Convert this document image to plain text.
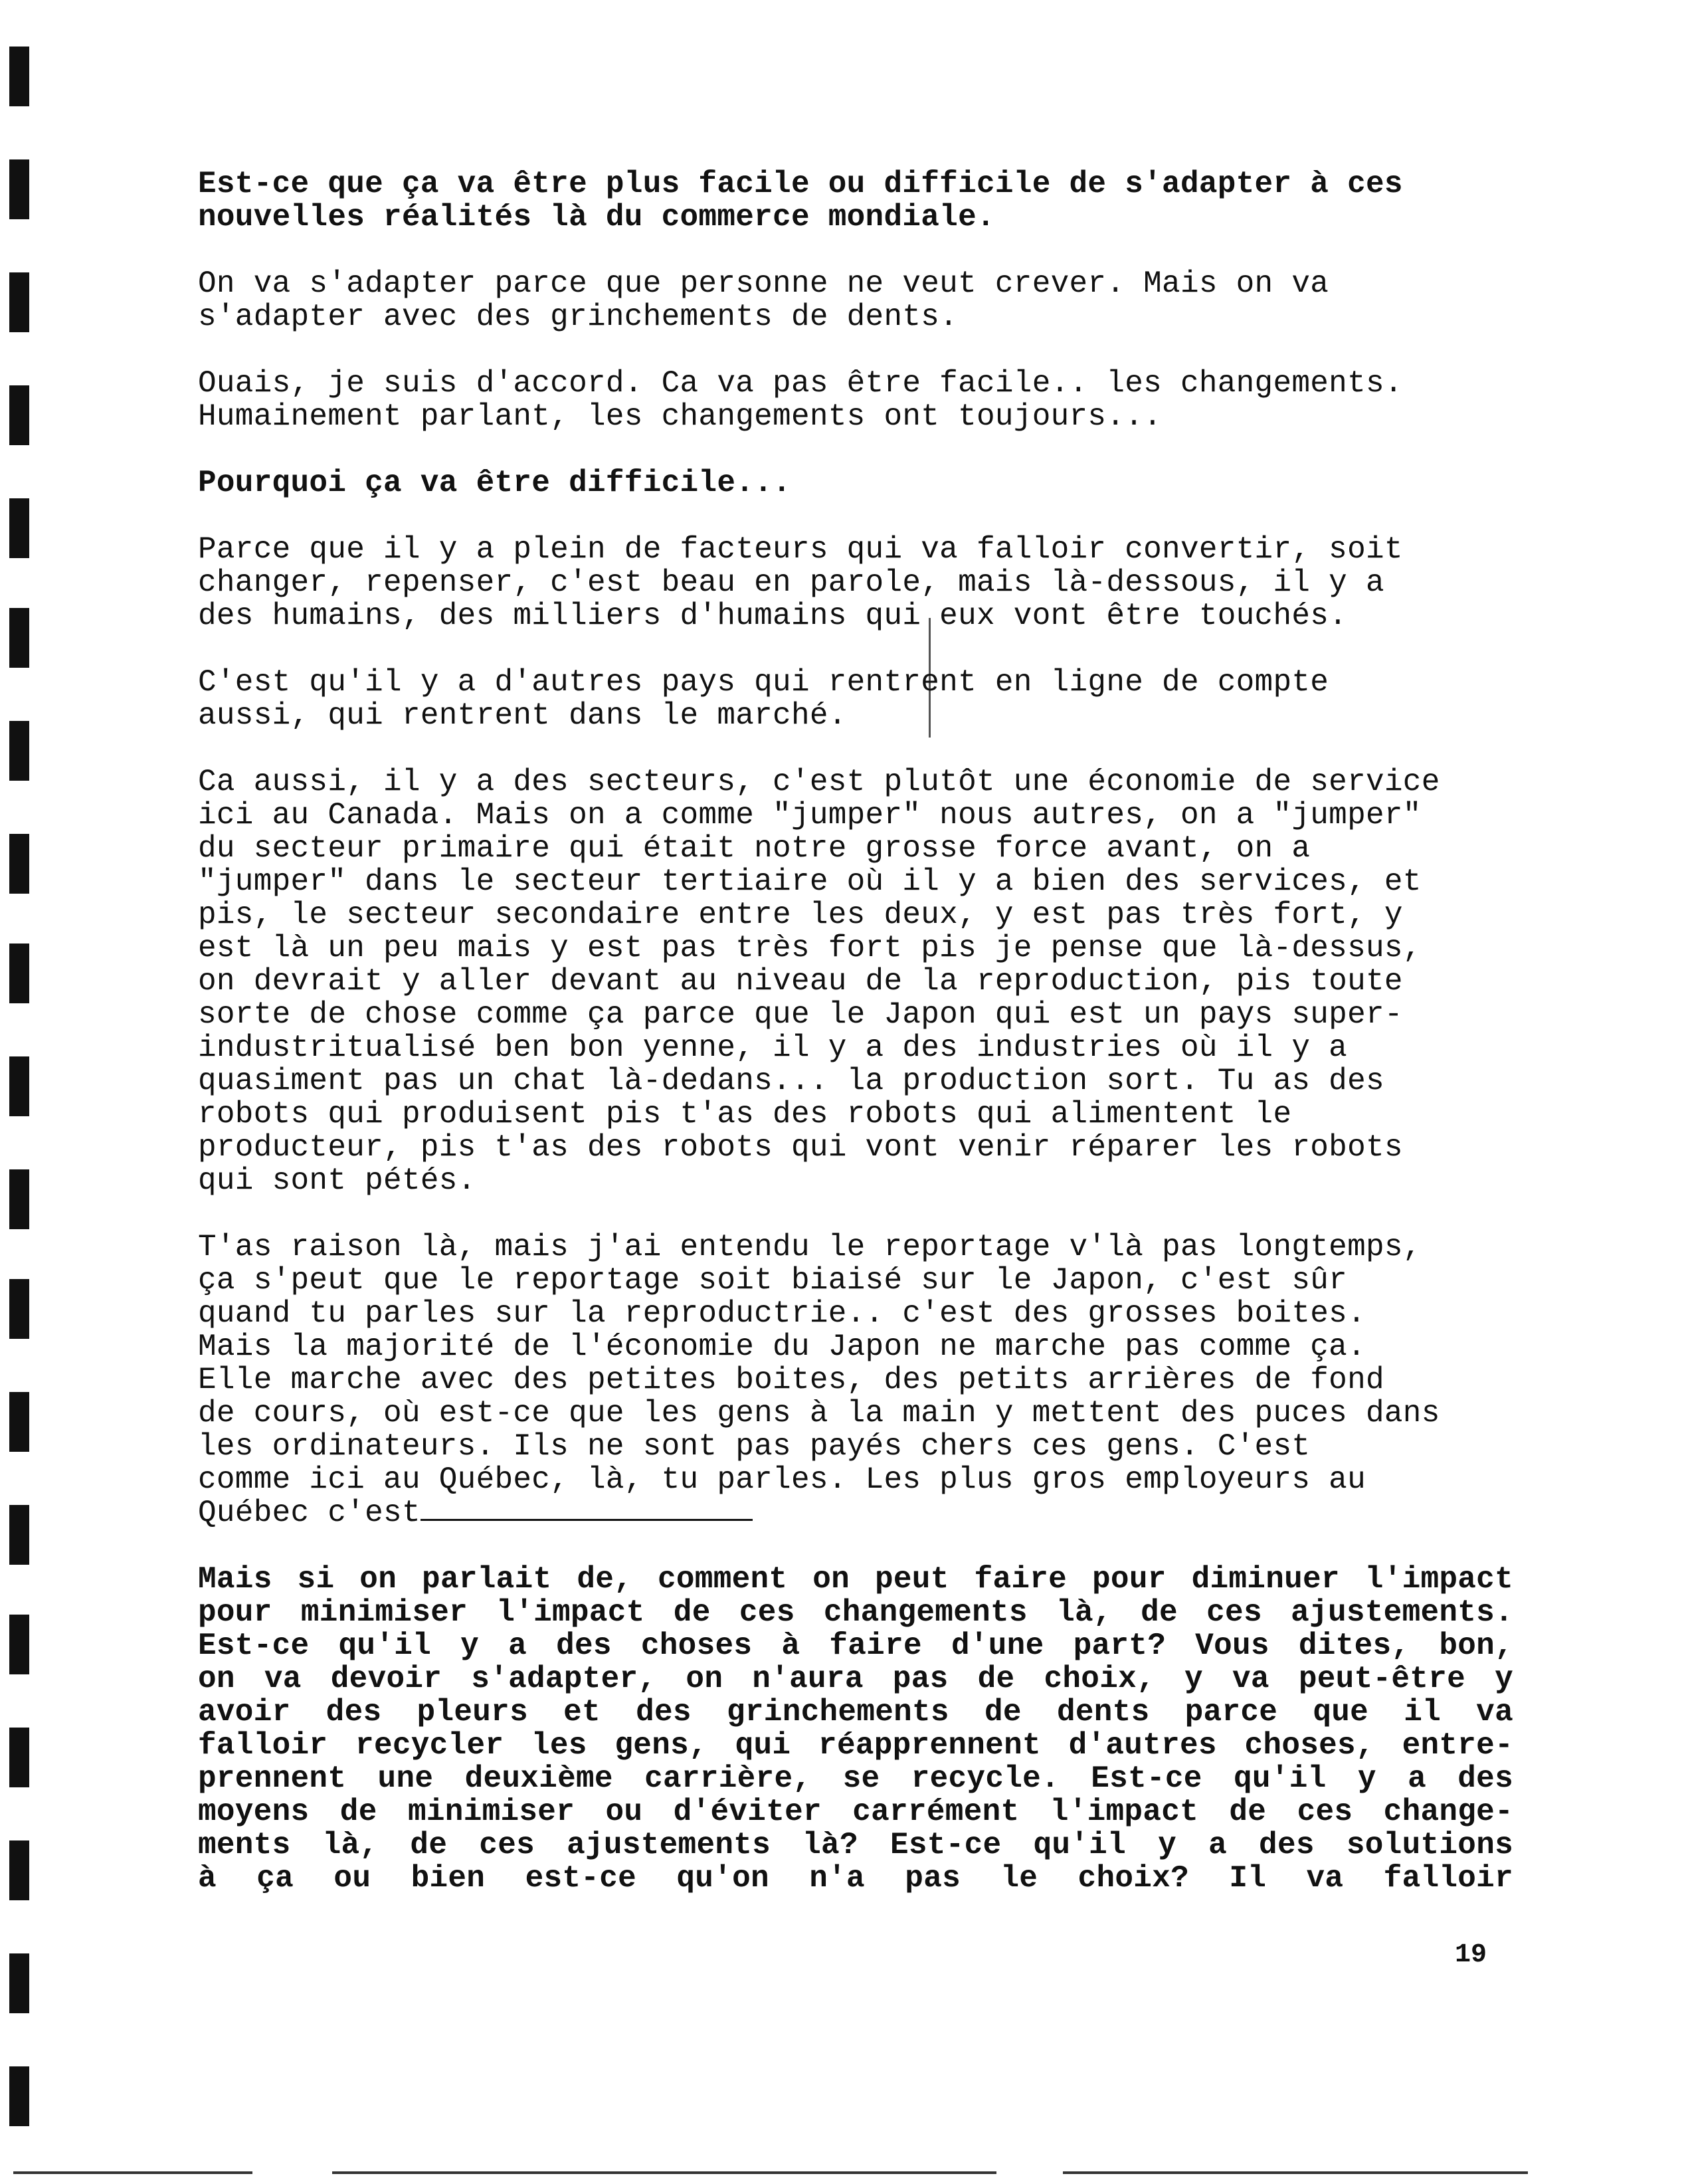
Est-ce que ça va être plus facile ou difficile de s'adapter à ces
nouvelles réalités là du commerce mondiale.

On va s'adapter parce que personne ne veut crever. Mais on va
s'adapter avec des grinchements de dents.

Ouais, je suis d'accord. Ca va pas être facile.. les changements.
Humainement parlant, les changements ont toujours...

Pourquoi ça va être difficile...

Parce que il y a plein de facteurs qui va falloir convertir, soit
changer, repenser, c'est beau en parole, mais là-dessous, il y a
des humains, des milliers d'humains qui eux vont être touchés.

C'est qu'il y a d'autres pays qui rentrent en ligne de compte
aussi, qui rentrent dans le marché.

Ca aussi, il y a des secteurs, c'est plutôt une économie de service
ici au Canada. Mais on a comme "jumper" nous autres, on a "jumper"
du secteur primaire qui était notre grosse force avant, on a
"jumper" dans le secteur tertiaire où il y a bien des services, et
pis, le secteur secondaire entre les deux, y est pas très fort, y
est là un peu mais y est pas très fort pis je pense que là-dessus,
on devrait y aller devant au niveau de la reproduction, pis toute
sorte de chose comme ça parce que le Japon qui est un pays super-
industritualisé ben bon yenne, il y a des industries où il y a
quasiment pas un chat là-dedans... la production sort. Tu as des
robots qui produisent pis t'as des robots qui alimentent le
producteur, pis t'as des robots qui vont venir réparer les robots
qui sont pétés.

T'as raison là, mais j'ai entendu le reportage v'là pas longtemps,
ça s'peut que le reportage soit biaisé sur le Japon, c'est sûr
quand tu parles sur la reproductrie.. c'est des grosses boites.
Mais la majorité de l'économie du Japon ne marche pas comme ça.
Elle marche avec des petites boites, des petits arrières de fond
de cours, où est-ce que les gens à la main y mettent des puces dans
les ordinateurs. Ils ne sont pas payés chers ces gens. C'est
comme ici au Québec, là, tu parles. Les plus gros employeurs au
Québec c'est

Mais si on parlait de, comment on peut faire pour diminuer l'impact
pour minimiser l'impact de ces changements là, de ces ajustements.
Est-ce qu'il y a des choses à faire d'une part? Vous dites, bon,
on va devoir s'adapter, on n'aura pas de choix, y va peut-être y
avoir des pleurs et des grinchements de dents parce que il va
falloir recycler les gens, qui réapprennent d'autres choses, entre-
prennent une deuxième carrière, se recycle. Est-ce qu'il y a des
moyens de minimiser ou d'éviter carrément l'impact de ces change-
ments là, de ces ajustements là? Est-ce qu'il y a des solutions
à ça ou bien est-ce qu'on n'a pas le choix? Il va falloir

19
